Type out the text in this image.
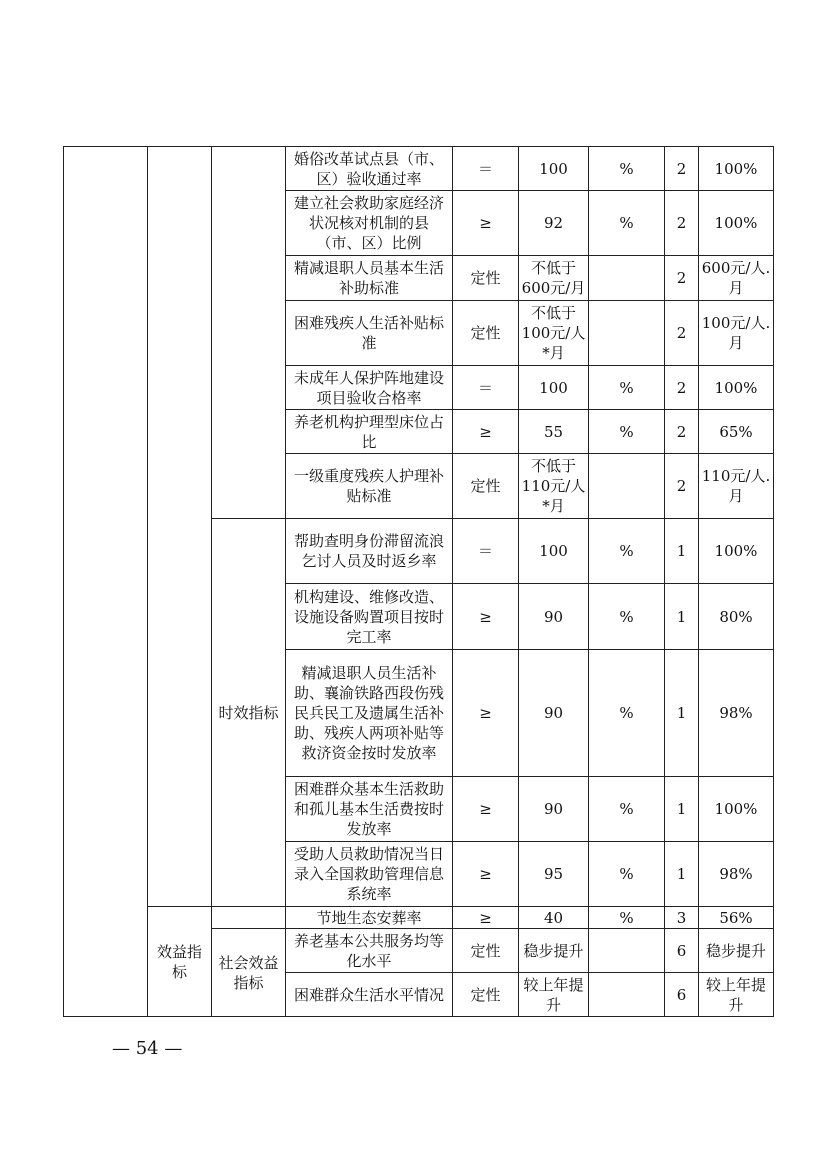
			婚俗改革试点县（市、区）验收通过率	＝	100	%	2	100%
			建立社会救助家庭经济状况核对机制的县（市、区）比例	≥	92	%	2	100%
			精减退职人员基本生活补助标准	定性	不低于600元/月		2	600元/人.月
			困难残疾人生活补贴标准	定性	不低于100元/人*月		2	100元/人.月
			未成年人保护阵地建设项目验收合格率	＝	100	%	2	100%
			养老机构护理型床位占比	≥	55	%	2	65%
			一级重度残疾人护理补贴标准	定性	不低于110元/人*月		2	110元/人.月
		时效指标	帮助查明身份滞留流浪乞讨人员及时返乡率	＝	100	%	1	100%
			机构建设、维修改造、设施设备购置项目按时完工率	≥	90	%	1	80%
			精减退职人员生活补助、襄渝铁路西段伤残民兵民工及遗属生活补助、残疾人两项补贴等救济资金按时发放率	≥	90	%	1	98%
			困难群众基本生活救助和孤儿基本生活费按时发放率	≥	90	%	1	100%
			受助人员救助情况当日录入全国救助管理信息系统率	≥	95	%	1	98%
	效益指标		节地生态安葬率	≥	40	%	3	56%
		社会效益指标	养老基本公共服务均等化水平	定性	稳步提升		6	稳步提升
			困难群众生活水平情况	定性	较上年提升		6	较上年提升
— 54 —
